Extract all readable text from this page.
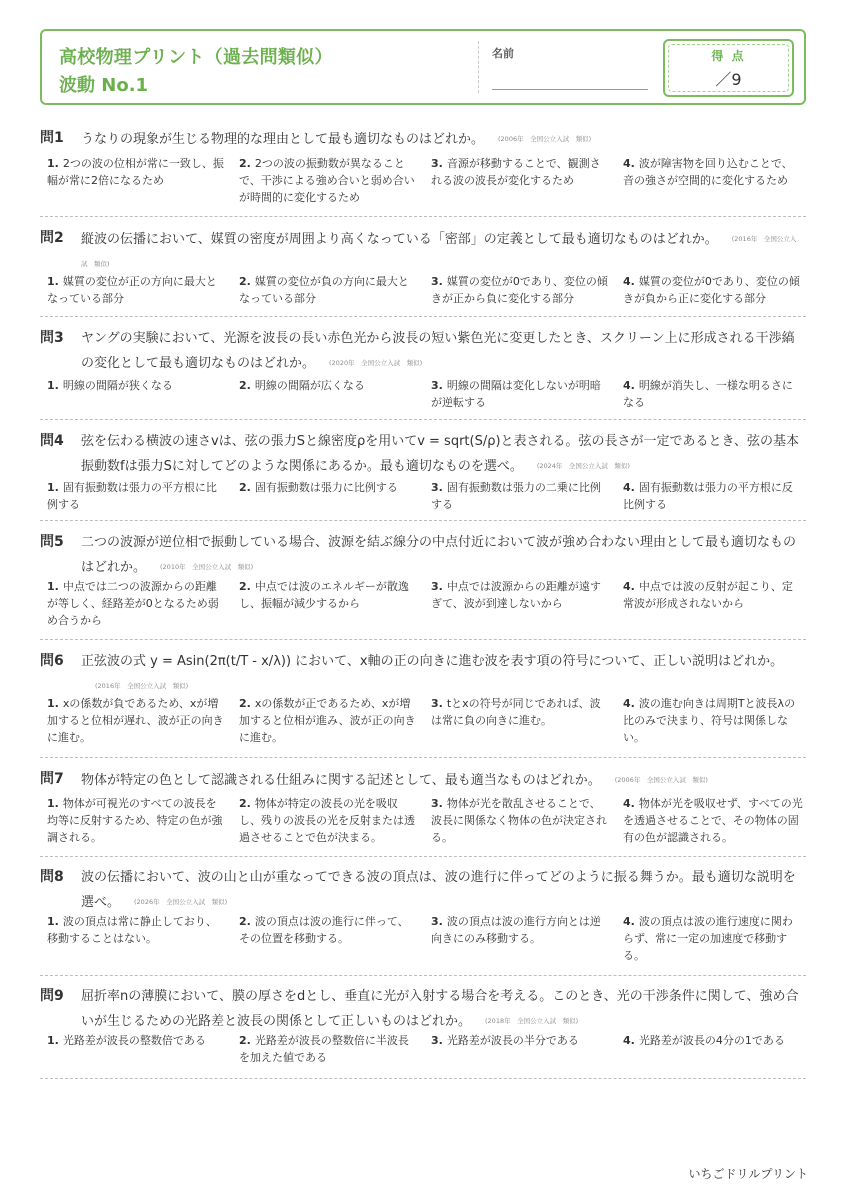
高校物理プリント（過去問類似）
波動 No.1
名前	得 点
／9
問1 うなりの現象が生じる物理的な理由として最も適切なものはどれか。 (2006年　全国公立入試　類似)
1. 2つの波の位相が常に一致し、振幅が常に2倍になるため
2. 2つの波の振動数が異なることで、干渉による強め合いと弱め合いが時間的に変化するため
3. 音源が移動することで、観測される波の波長が変化するため
4. 波が障害物を回り込むことで、音の強さが空間的に変化するため
問2 縦波の伝播において、媒質の密度が周囲より高くなっている「密部」の定義として最も適切なものはどれか。 (2016年　全国公立入試　類似)
1. 媒質の変位が正の方向に最大となっている部分
2. 媒質の変位が負の方向に最大となっている部分
3. 媒質の変位が0であり、変位の傾きが正から負に変化する部分
4. 媒質の変位が0であり、変位の傾きが負から正に変化する部分
問3 ヤングの実験において、光源を波長の長い赤色光から波長の短い紫色光に変更したとき、スクリーン上に形成される干渉縞の変化として最も適切なものはどれか。 (2020年　全国公立入試　類似)
1. 明線の間隔が狭くなる	2. 明線の間隔が広くなる	3. 明線の間隔は変化しないが明暗が逆転する
4. 明線が消失し、一様な明るさになる
問4 弦を伝わる横波の速さvは、弦の張力Sと線密度ρを用いてv = sqrt(S/ρ)と表される。弦の長さが一定であるとき、弦の基本振動数fは張力Sに対してどのような関係にあるか。最も適切なものを選べ。 (2024年　全国公立入試　類似)
1. 固有振動数は張力の平方根に比例する
2. 固有振動数は張力に比例する	3. 固有振動数は張力の二乗に比例する
4. 固有振動数は張力の平方根に反比例する
問5 二つの波源が逆位相で振動している場合、波源を結ぶ線分の中点付近において波が強め合わない理由として最も適切なものはどれか。 (2010年　全国公立入試　類似)
1. 中点では二つの波源からの距離が等しく、経路差が0となるため弱め合うから
2. 中点では波のエネルギーが散逸し、振幅が減少するから
3. 中点では波源からの距離が遠すぎて、波が到達しないから
4. 中点では波の反射が起こり、定常波が形成されないから
問6 正弦波の式 y = Asin(2π(t/T - x/λ)) において、x軸の正の向きに進む波を表す項の符号について、正しい説明はどれか。(2016年　全国公立入試　類似)
1. xの係数が負であるため、xが増加すると位相が遅れ、波が正の向きに進む。
2. xの係数が正であるため、xが増加すると位相が進み、波が正の向きに進む。
3. tとxの符号が同じであれば、波は常に負の向きに進む。
4. 波の進む向きは周期Tと波長λの比のみで決まり、符号は関係しない。
問7 物体が特定の色として認識される仕組みに関する記述として、最も適当なものはどれか。 (2006年　全国公立入試　類似)
1. 物体が可視光のすべての波長を均等に反射するため、特定の色が強調される。
2. 物体が特定の波長の光を吸収し、残りの波長の光を反射または透過させることで色が決まる。
3. 物体が光を散乱させることで、波長に関係なく物体の色が決定される。
4. 物体が光を吸収せず、すべての光を透過させることで、その物体の固有の色が認識される。
問8 波の伝播において、波の山と山が重なってできる波の頂点は、波の進行に伴ってどのように振る舞うか。最も適切な説明を選べ。 (2026年　全国公立入試　類似)
1. 波の頂点は常に静止しており、移動することはない。
2. 波の頂点は波の進行に伴って、その位置を移動する。
3. 波の頂点は波の進行方向とは逆向きにのみ移動する。
4. 波の頂点は波の進行速度に関わらず、常に一定の加速度で移動する。
問9 屈折率nの薄膜において、膜の厚さをdとし、垂直に光が入射する場合を考える。このとき、光の干渉条件に関して、強め合いが生じるための光路差と波長の関係として正しいものはどれか。 (2018年　全国公立入試　類似)
1. 光路差が波長の整数倍である	2. 光路差が波長の整数倍に半波長を加えた値である
3. 光路差が波長の半分である	4. 光路差が波長の4分の1である
いちごドリルプリント
